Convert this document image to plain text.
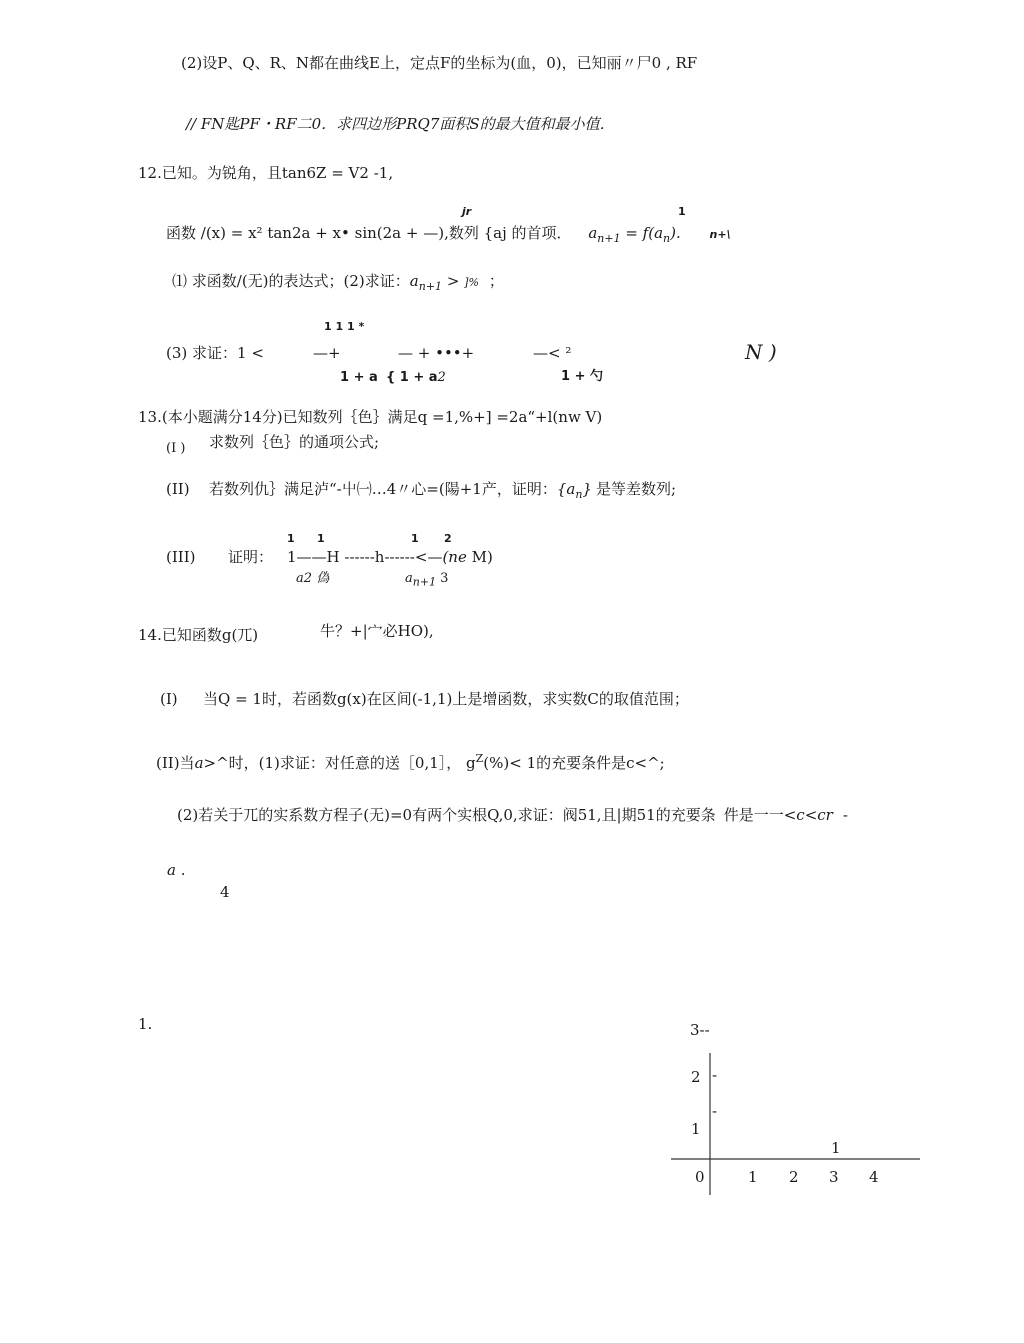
(2)设P、Q、R、N都在曲线E上，定点F的坐标为(血，0)，已知丽〃尸0 , RF
// FN匙PF・RF二0．求四边形PRQ7面积S的最大值和最小值．
12.已知。为锐角，且tan6Z = V2 -1,
jr	1
函数 /(x) = x² tan2a + x• sin(2a + —),数列 {aj 的首项． $a_{n+1} = f(a_n)$.	n+\
⑴ 求函数/(无)的表达式；(2)求证：$a_{n+1}$ > ]% ；
1 1 1 *
(3) 求证：1 <	—+	— + •••+	—< ²	N )
1 + a { 1 + a2	1 + 勺
13.(本小题满分14分)已知数列｛色｝满足q =1,%+] =2a“+l(nw V)
(I ) 求数列｛色｝的通项公式;
(II) 若数列仇｝满足泸“-屮㈠…4〃心=(陽+1产，证明：$\{a_n\}$ 是等差数列;
1 1	1 2
(III) 证明： 1——H ------h------<—(ne M)
a2 偽	$a_{n+1}$ 3
14.已知函数g(兀)	牛？+|宀必HO),
(I) 当Q = 1时，若函数g(x)在区间(-1,1)上是增函数，求实数C的取值范围；
(II)当a>^时，(1)求证：对任意的送［0,1］， $g^Z(\%)< 1$的充要条件是c<^;
(2)若关于兀的实系数方程子(无)=0有两个实根Q,0,求证：阀51,且|期51的充要条 件是一一<c<cr -
a .
4
1.	3--
2 -
-
1
1
0	1 2 3 4
